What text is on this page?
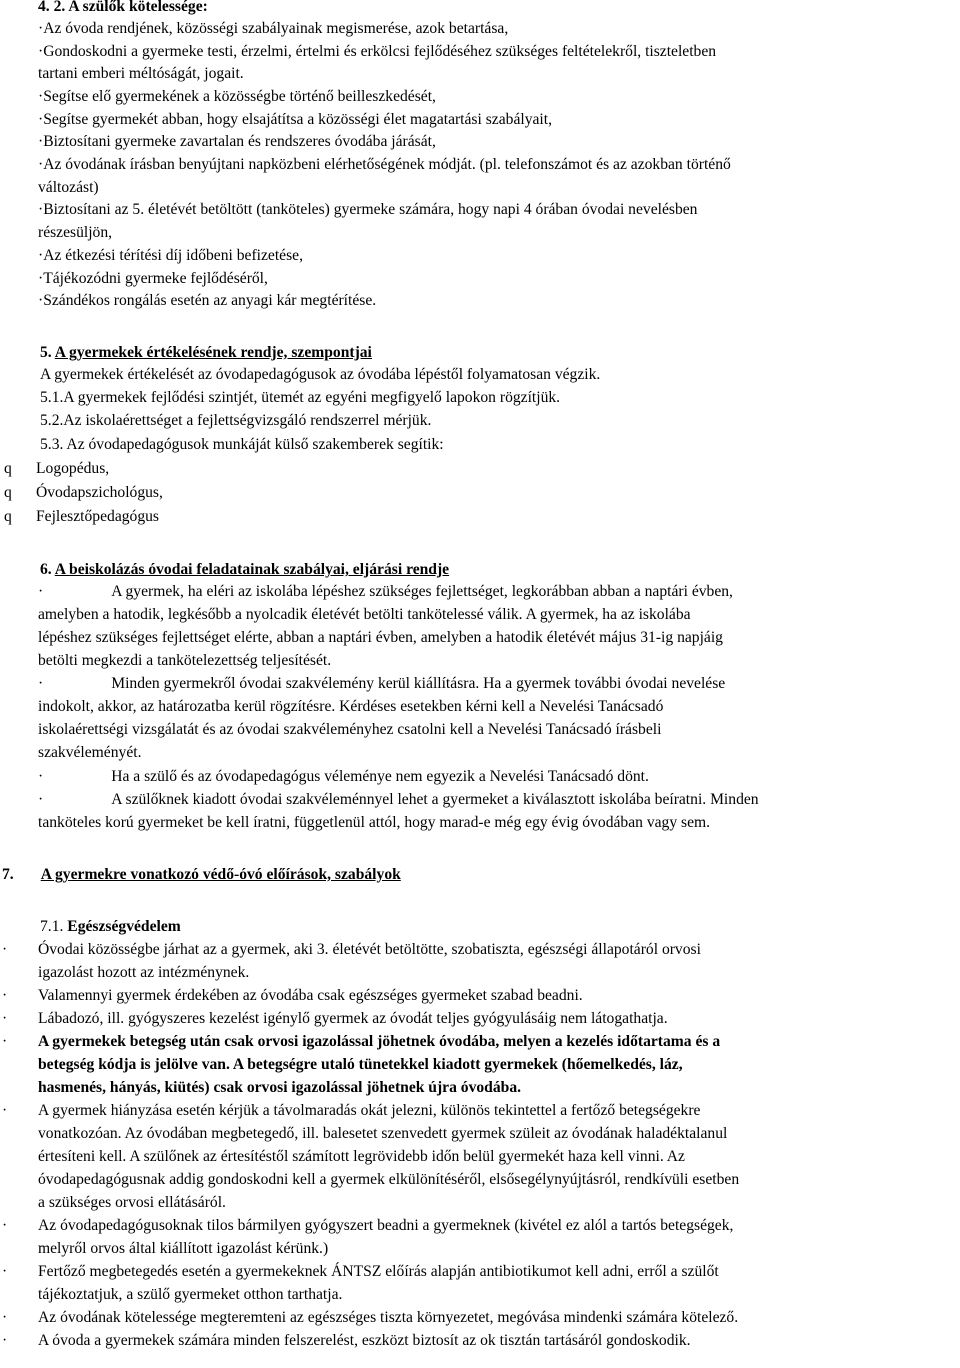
4. 2. A szülők kötelessége:
·Az óvoda rendjének, közösségi szabályainak megismerése, azok betartása,
·Gondoskodni a gyermeke testi, érzelmi, értelmi és erkölcsi fejlődéséhez szükséges feltételekről, tiszteletben
tartani emberi méltóságát, jogait.
·Segítse elő gyermekének a közösségbe történő beilleszkedését,
·Segítse gyermekét abban, hogy elsajátítsa a közösségi élet magatartási szabályait,
·Biztosítani gyermeke zavartalan és rendszeres óvodába járását,
·Az óvodának írásban benyújtani napközbeni elérhetőségének módját. (pl. telefonszámot és az azokban történő
változást)
·Biztosítani az 5. életévét betöltött (tanköteles) gyermeke számára, hogy napi 4 órában óvodai nevelésben
részesüljön,
·Az étkezési térítési díj időbeni befizetése,
·Tájékozódni gyermeke fejlődéséről,
·Szándékos rongálás esetén az anyagi kár megtérítése.
5. A gyermekek értékelésének rendje, szempontjai
A gyermekek értékelését az óvodapedagógusok az óvodába lépéstől folyamatosan végzik.
5.1.A gyermekek fejlődési szintjét, ütemét az egyéni megfigyelő lapokon rögzítjük.
5.2.Az iskolaérettséget a fejlettségvizsgáló rendszerrel mérjük.
5.3. Az óvodapedagógusok munkáját külső szakemberek segítik:
q Logopédus,
q Óvodapszichológus,
q Fejlesztőpedagógus
6. A beiskolázás óvodai feladatainak szabályai, eljárási rendje
·	A gyermek, ha eléri az iskolába lépéshez szükséges fejlettséget, legkorábban abban a naptári évben,
amelyben a hatodik, legkésőbb a nyolcadik életévét betölti tankötelessé válik. A gyermek, ha az iskolába
lépéshez szükséges fejlettséget elérte, abban a naptári évben, amelyben a hatodik életévét május 31-ig napjáig
betölti megkezdi a tankötelezettség teljesítését.
·	Minden gyermekről óvodai szakvélemény kerül kiállításra. Ha a gyermek további óvodai nevelése
indokolt, akkor, az határozatba kerül rögzítésre. Kérdéses esetekben kérni kell a Nevelési Tanácsadó
iskolaérettségi vizsgálatát és az óvodai szakvéleményhez csatolni kell a Nevelési Tanácsadó írásbeli
szakvéleményét.
·	Ha a szülő és az óvodapedagógus véleménye nem egyezik a Nevelési Tanácsadó dönt.
·	A szülőknek kiadott óvodai szakvéleménnyel lehet a gyermeket a kiválasztott iskolába beíratni. Minden
tanköteles korú gyermeket be kell íratni, függetlenül attól, hogy marad-e még egy évig óvodában vagy sem.
7. A gyermekre vonatkozó védő-óvó előírások, szabályok
7.1. Egészségvédelem
· Óvodai közösségbe járhat az a gyermek, aki 3. életévét betöltötte, szobatiszta, egészségi állapotáról orvosi
igazolást hozott az intézménynek.
· Valamennyi gyermek érdekében az óvodába csak egészséges gyermeket szabad beadni.
· Lábadozó, ill. gyógyszeres kezelést igénylő gyermek az óvodát teljes gyógyulásáig nem látogathatja.
· A gyermekek betegség után csak orvosi igazolással jöhetnek óvodába, melyen a kezelés időtartama és a
betegség kódja is jelölve van. A betegségre utaló tünetekkel kiadott gyermekek (hőemelkedés, láz,
hasmenés, hányás, kiütés) csak orvosi igazolással jöhetnek újra óvodába.
· A gyermek hiányzása esetén kérjük a távolmaradás okát jelezni, különös tekintettel a fertőző betegségekre
vonatkozóan. Az óvodában megbetegedő, ill. balesetet szenvedett gyermek szüleit az óvodának haladéktalanul
értesíteni kell. A szülőnek az értesítéstől számított legrövidebb időn belül gyermekét haza kell vinni. Az
óvodapedagógusnak addig gondoskodni kell a gyermek elkülönítéséről, elsősegélynyújtásról, rendkívüli esetben
a szükséges orvosi ellátásáról.
· Az óvodapedagógusoknak tilos bármilyen gyógyszert beadni a gyermeknek (kivétel ez alól a tartós betegségek,
melyről orvos által kiállított igazolást kérünk.)
· Fertőző megbetegedés esetén a gyermekeknek ÁNTSZ előírás alapján antibiotikumot kell adni, erről a szülőt
tájékoztatjuk, a szülő gyermeket otthon tarthatja.
· Az óvodának kötelessége megteremteni az egészséges tiszta környezetet, megóvása mindenki számára kötelező.
· A óvoda a gyermekek számára minden felszerelést, eszközt biztosít az ok tisztán tartásáról gondoskodik.
